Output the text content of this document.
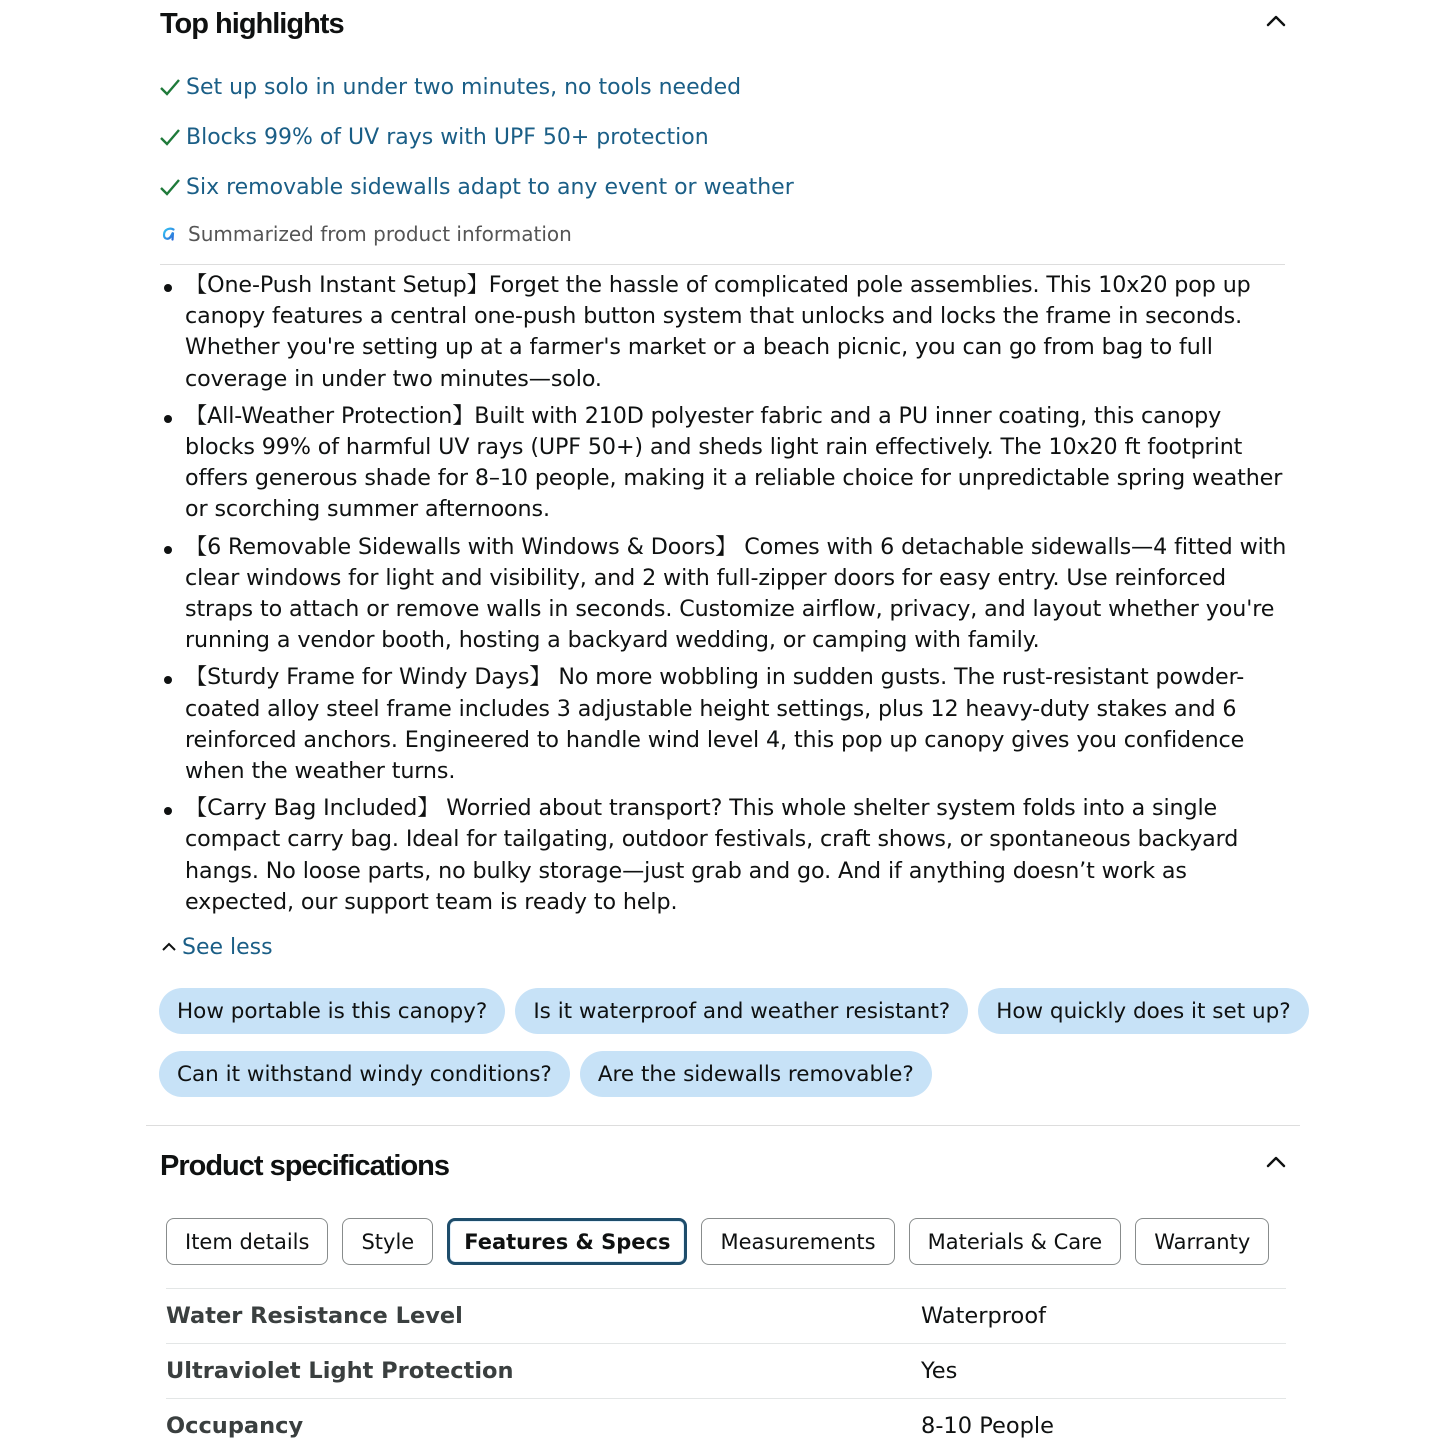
Top highlights
Set up solo in under two minutes, no tools needed
Blocks 99% of UV rays with UPF 50+ protection
Six removable sidewalls adapt to any event or weather
Summarized from product information
【One-Push Instant Setup】Forget the hassle of complicated pole assemblies. This 10x20 pop up canopy features a central one-push button system that unlocks and locks the frame in seconds. Whether you're setting up at a farmer's market or a beach picnic, you can go from bag to full coverage in under two minutes—solo.
【All-Weather Protection】Built with 210D polyester fabric and a PU inner coating, this canopy blocks 99% of harmful UV rays (UPF 50+) and sheds light rain effectively. The 10x20 ft footprint offers generous shade for 8–10 people, making it a reliable choice for unpredictable spring weather or scorching summer afternoons.
【6 Removable Sidewalls with Windows & Doors】 Comes with 6 detachable sidewalls—4 fitted with clear windows for light and visibility, and 2 with full-zipper doors for easy entry. Use reinforced straps to attach or remove walls in seconds. Customize airflow, privacy, and layout whether you're running a vendor booth, hosting a backyard wedding, or camping with family.
【Sturdy Frame for Windy Days】 No more wobbling in sudden gusts. The rust-resistant powder-coated alloy steel frame includes 3 adjustable height settings, plus 12 heavy-duty stakes and 6 reinforced anchors. Engineered to handle wind level 4, this pop up canopy gives you confidence when the weather turns.
【Carry Bag Included】 Worried about transport? This whole shelter system folds into a single compact carry bag. Ideal for tailgating, outdoor festivals, craft shows, or spontaneous backyard hangs. No loose parts, no bulky storage—just grab and go. And if anything doesn’t work as expected, our support team is ready to help.
See less
How portable is this canopy?	Is it waterproof and weather resistant?	How quickly does it set up?
Can it withstand windy conditions?	Are the sidewalls removable?
Product specifications
Item details	Style	Features & Specs	Measurements	Materials & Care	Warranty
Water Resistance Level	Waterproof
Ultraviolet Light Protection	Yes
Occupancy	8-10 People
